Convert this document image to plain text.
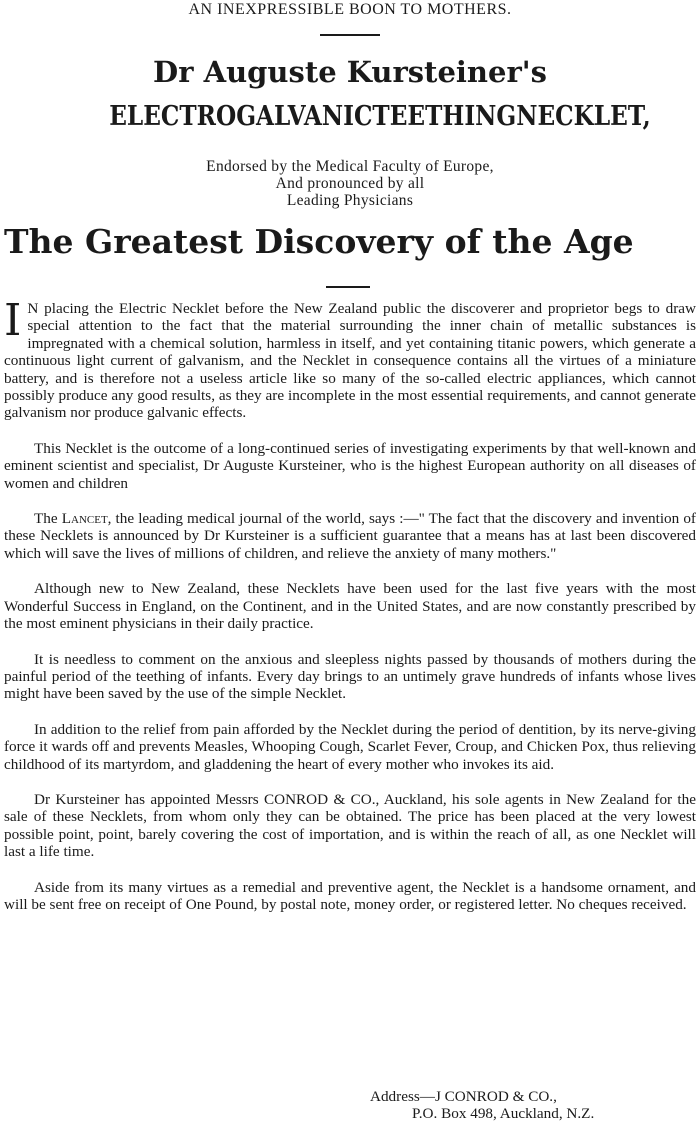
AN INEXPRESSIBLE BOON TO MOTHERS.
Dr Auguste Kursteiner's
ELECTRO GALVANIC TEETHING NECKLET,
Endorsed by the Medical Faculty of Europe,
And pronounced by all
Leading Physicians
The Greatest Discovery of the Age

I N placing the Electric Necklet before the New Zealand public the discoverer and proprietor begs to draw special attention to the fact that the material surrounding the inner chain of metallic substances is impregnated with a chemical solution, harmless in itself, and yet containing titanic powers, which generate a continuous light current of galvanism, and the Necklet in consequence contains all the virtues of a miniature battery, and is therefore not a useless article like so many of the so-called electric appliances, which cannot possibly produce any good results, as they are incomplete in the most essential requirements, and cannot generate galvanism nor produce galvanic effects.

This Necklet is the outcome of a long-continued series of investigating experiments by that well-known and eminent scientist and specialist, Dr Auguste Kursteiner, who is the highest European authority on all diseases of women and children

The Lancet, the leading medical journal of the world, says :—" The fact that the discovery and invention of these Necklets is announced by Dr Kursteiner is a sufficient guarantee that a means has at last been discovered which will save the lives of millions of children, and relieve the anxiety of many mothers."

Although new to New Zealand, these Necklets have been used for the last five years with the most Wonderful Success in England, on the Continent, and in the United States, and are now constantly prescribed by the most eminent physicians in their daily practice.

It is needless to comment on the anxious and sleepless nights passed by thousands of mothers during the painful period of the teething of infants. Every day brings to an untimely grave hundreds of infants whose lives might have been saved by the use of the simple Necklet.

In addition to the relief from pain afforded by the Necklet during the period of dentition, by its nerve-giving force it wards off and prevents Measles, Whooping Cough, Scarlet Fever, Croup, and Chicken Pox, thus relieving childhood of its martyrdom, and gladdening the heart of every mother who invokes its aid.

Dr Kursteiner has appointed Messrs CONROD & CO., Auckland, his sole agents in New Zealand for the sale of these Necklets, from whom only they can be obtained. The price has been placed at the very lowest possible point, point, barely covering the cost of importation, and is within the reach of all, as one Necklet will last a life time.

Aside from its many virtues as a remedial and preventive agent, the Necklet is a handsome ornament, and will be sent free on receipt of One Pound, by postal note, money order, or registered letter. No cheques received.

Address—J CONROD & CO.,
P.O. Box 498, Auckland, N.Z.
